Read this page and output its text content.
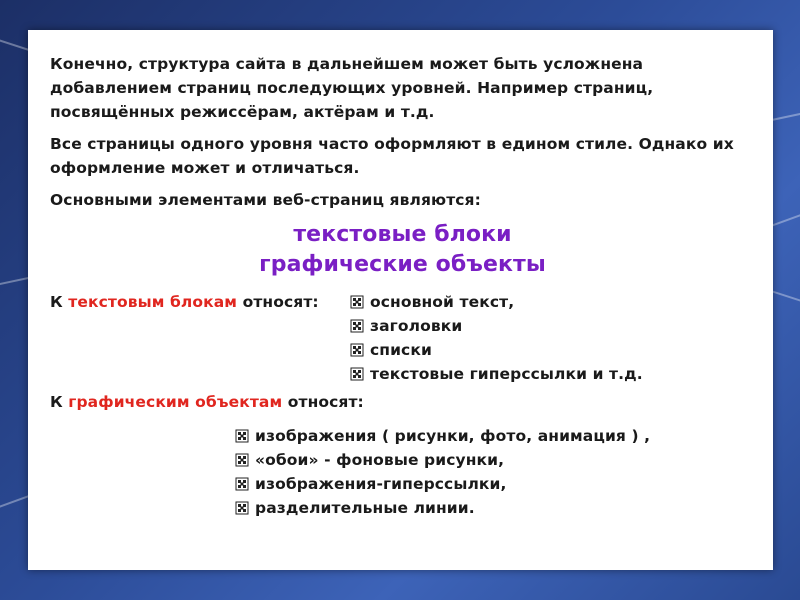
Конечно, структура сайта в дальнейшем может быть усложнена добавлением страниц последующих уровней. Например страниц, посвящённых режиссёрам, актёрам и т.д.

Все страницы одного уровня часто оформляют в едином стиле. Однако их оформление может и отличаться.

Основными элементами веб-страниц являются:

текстовые блоки
графические объекты
К текстовым блокам относят:	основной текст,
заголовки
списки
текстовые гиперссылки и т.д.
К графическим объектам относят:
изображения ( рисунки, фото, анимация ) ,
«обои» - фоновые рисунки,
изображения-гиперссылки,
разделительные линии.
